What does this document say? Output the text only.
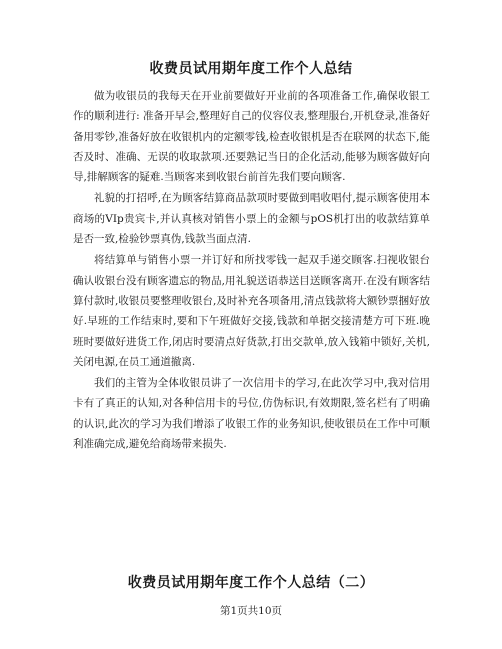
收费员试用期年度工作个人总结

做为收银员的我每天在开业前要做好开业前的各项准备工作,确保收银工作的顺利进行: 准备开早会,整理好自己的仪容仪表,整理服台,开机登录,准备好备用零钞,准备好放在收银机内的定额零钱,检查收银机是否在联网的状态下,能否及时、准确、无误的收取款项.还要熟记当日的企化活动,能够为顾客做好向导,排解顾客的疑难.当顾客来到收银台前首先我们要向顾客.

礼貌的打招呼,在为顾客结算商品款项时要做到唱收唱付,提示顾客使用本商场的VIp贵宾卡,并认真核对销售小票上的金额与pOS机打出的收款结算单是否一致,检验钞票真伪,钱款当面点清.

将结算单与销售小票一并订好和所找零钱一起双手递交顾客.扫视收银台确认收银台没有顾客遗忘的物品,用礼貌送语恭送目送顾客离开.在没有顾客结算付款时,收银员要整理收银台,及时补充各项备用,清点钱款将大额钞票捆好放好.早班的工作结束时,要和下午班做好交接,钱款和单据交接清楚方可下班.晚班时要做好进货工作,闭店时要清点好货款,打出交款单,放入钱箱中锁好,关机,关闭电源,在员工通道撤离.

我们的主管为全体收银员讲了一次信用卡的学习,在此次学习中,我对信用卡有了真正的认知,对各种信用卡的号位,仿伪标识,有效期限,签名栏有了明确的认识,此次的学习为我们增添了收银工作的业务知识,使收银员在工作中可顺利准确完成,避免给商场带来损失.

收费员试用期年度工作个人总结（二）
第1页共10页
